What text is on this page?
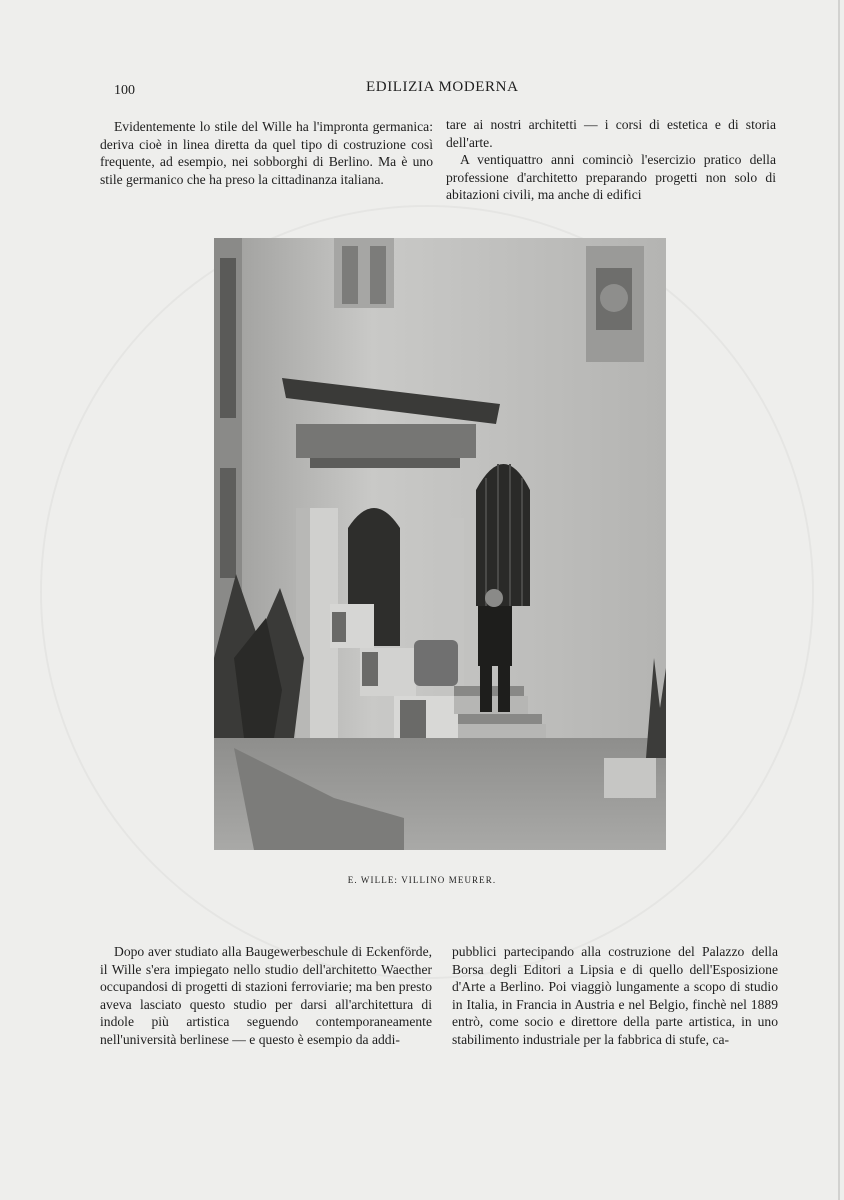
100	EDILIZIA MODERNA

Evidentemente lo stile del Wille ha l'impronta germanica: deriva cioè in linea diretta da quel tipo di costruzione così frequente, ad esempio, nei sobborghi di Berlino. Ma è uno stile germanico che ha preso la cittadinanza italiana.

tare ai nostri architetti — i corsi di estetica e di storia dell'arte.

A ventiquattro anni cominciò l'esercizio pratico della professione d'architetto preparando progetti non solo di abitazioni civili, ma anche di edifici

E. WILLE: VILLINO MEURER.

Dopo aver studiato alla Baugewerbeschule di Eckenförde, il Wille s'era impiegato nello studio dell'architetto Waecther occupandosi di progetti di stazioni ferroviarie; ma ben presto aveva lasciato questo studio per darsi all'architettura di indole più artistica seguendo contemporaneamente nell'università berlinese — e questo è esempio da addi-

pubblici partecipando alla costruzione del Palazzo della Borsa degli Editori a Lipsia e di quello dell'Esposizione d'Arte a Berlino. Poi viaggiò lungamente a scopo di studio in Italia, in Francia in Austria e nel Belgio, finchè nel 1889 entrò, come socio e direttore della parte artistica, in uno stabilimento industriale per la fabbrica di stufe, ca-
